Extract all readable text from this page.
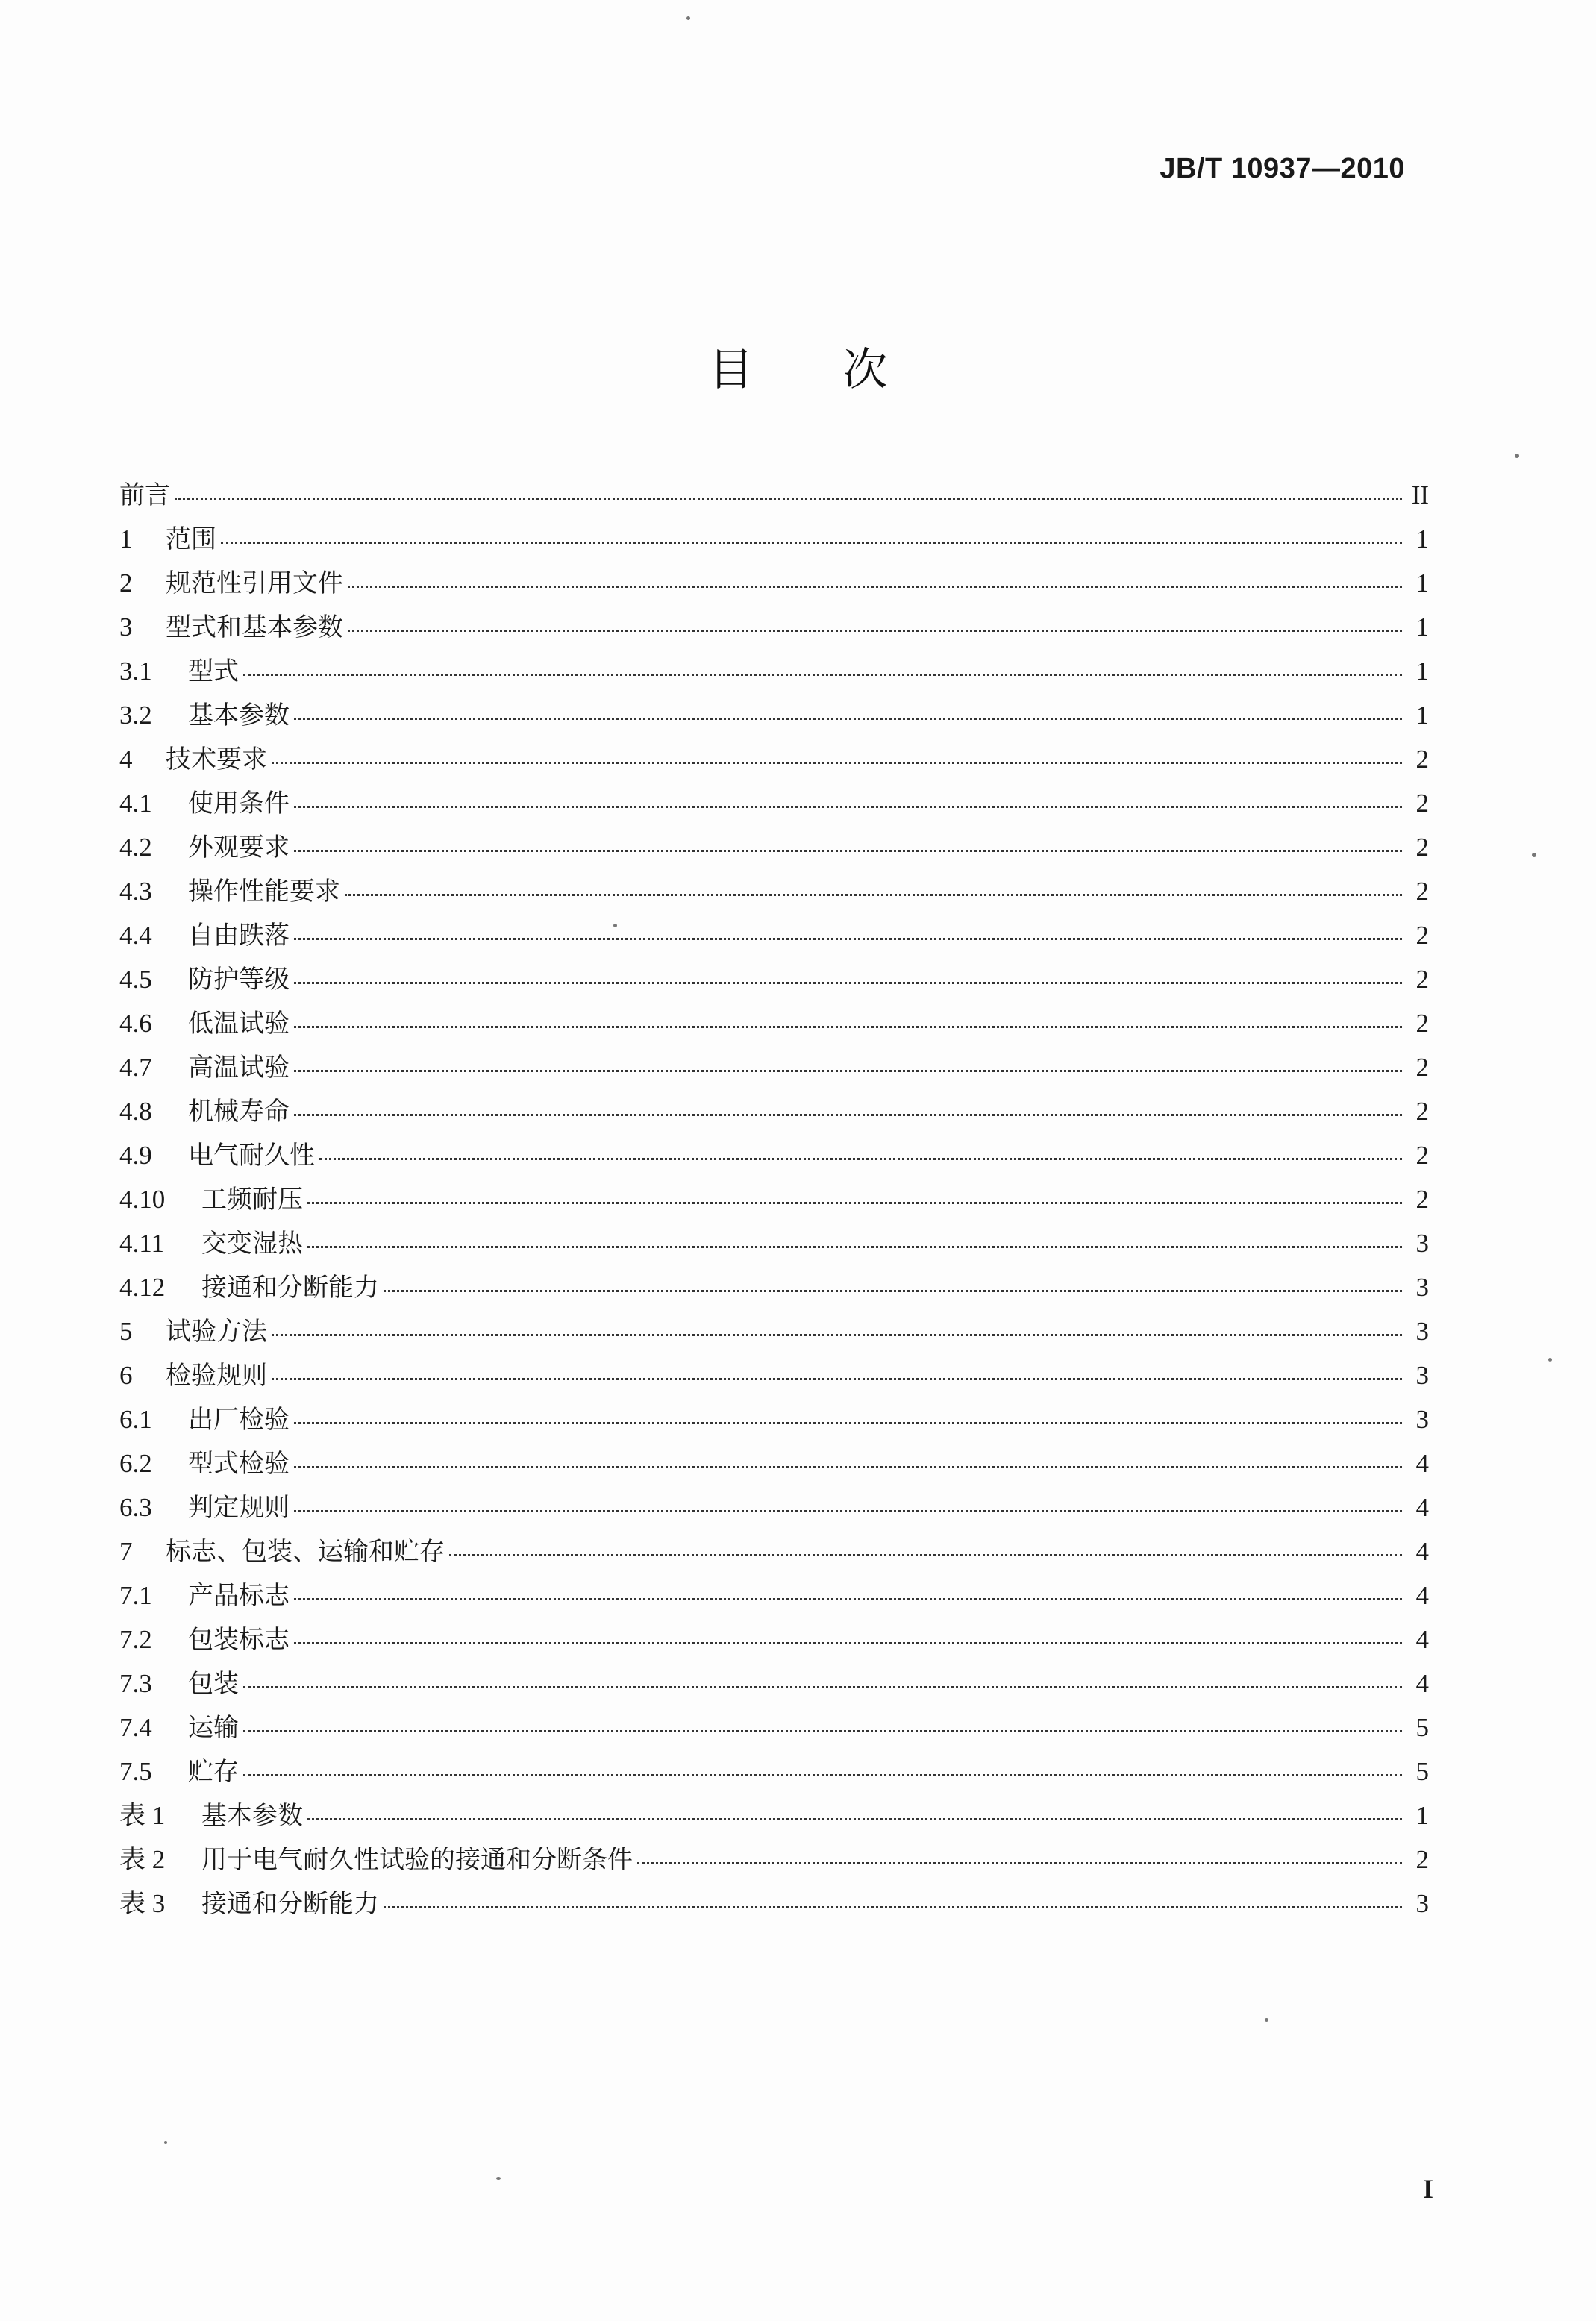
JB/T 10937—2010
目次
前言	II
1	范围	1
2	规范性引用文件	1
3	型式和基本参数	1
3.1	型式	1
3.2	基本参数	1
4	技术要求	2
4.1	使用条件	2
4.2	外观要求	2
4.3	操作性能要求	2
4.4	自由跌落	2
4.5	防护等级	2
4.6	低温试验	2
4.7	高温试验	2
4.8	机械寿命	2
4.9	电气耐久性	2
4.10	工频耐压	2
4.11	交变湿热	3
4.12	接通和分断能力	3
5	试验方法	3
6	检验规则	3
6.1	出厂检验	3
6.2	型式检验	4
6.3	判定规则	4
7	标志、包装、运输和贮存	4
7.1	产品标志	4
7.2	包装标志	4
7.3	包装	4
7.4	运输	5
7.5	贮存	5
表 1	基本参数	1
表 2	用于电气耐久性试验的接通和分断条件	2
表 3	接通和分断能力	3
I
